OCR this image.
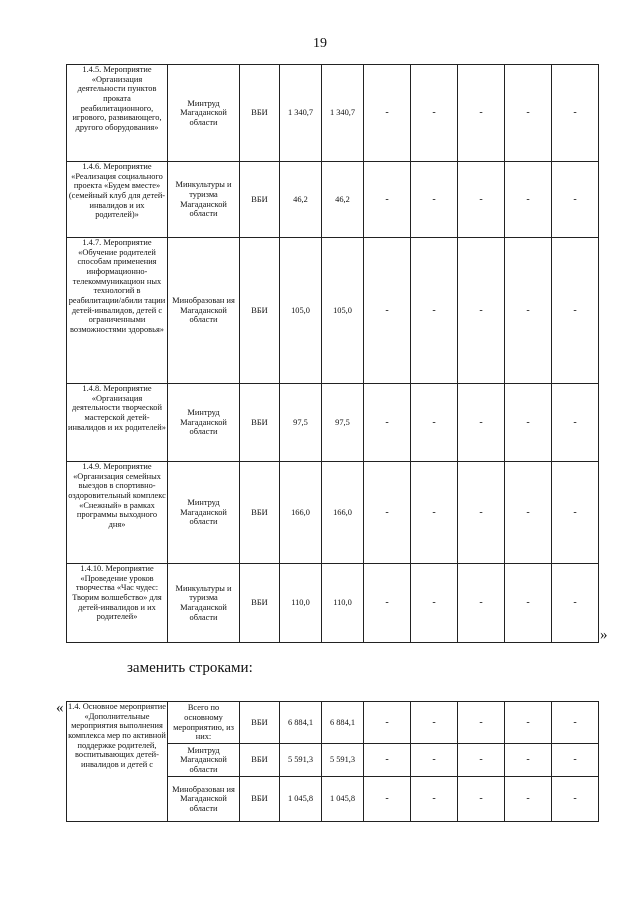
19
1.4.5. Мероприятие «Организация деятельности пунктов проката реабилитационного, игрового, развивающего, другого оборудования»	Минтруд Магаданской области	ВБИ	1 340,7	1 340,7	-	-	-	-	-
1.4.6. Мероприятие «Реализация социального проекта «Будем вместе» (семейный клуб для детей-инвалидов и их родителей)»	Минкультуры и туризма Магаданской области	ВБИ	46,2	46,2	-	-	-	-	-
1.4.7. Мероприятие «Обучение родителей способам применения информационно-телекоммуникацион ных технологий в реабилитации/абили тации детей-инвалидов, детей с ограниченными возможностями здоровья»	Минобразован ия Магаданской области	ВБИ	105,0	105,0	-	-	-	-	-
1.4.8. Мероприятие «Организация деятельности творческой мастерской детей-инвалидов и их родителей»	Минтруд Магаданской области	ВБИ	97,5	97,5	-	-	-	-	-
1.4.9. Мероприятие «Организация семейных выездов в спортивно-оздоровительный комплекс «Снежный» в рамках программы выходного дня»	Минтруд Магаданской области	ВБИ	166,0	166,0	-	-	-	-	-
1.4.10. Мероприятие «Проведение уроков творчества «Час чудес: Творим волшебство» для детей-инвалидов и их родителей»	Минкультуры и туризма Магаданской области	ВБИ	110,0	110,0	-	-	-	-	-
»
заменить строками:
« 1.4. Основное мероприятие «Дополнительные мероприятия выполнения комплекса мер по активной поддержке родителей, воспитывающих детей-инвалидов и детей с	Всего по основному мероприятию, из них:	ВБИ	6 884,1	6 884,1	-	-	-	-	-
	Минтруд Магаданской области	ВБИ	5 591,3	5 591,3	-	-	-	-	-
	Минобразован ия Магаданской области	ВБИ	1 045,8	1 045,8	-	-	-	-	-
